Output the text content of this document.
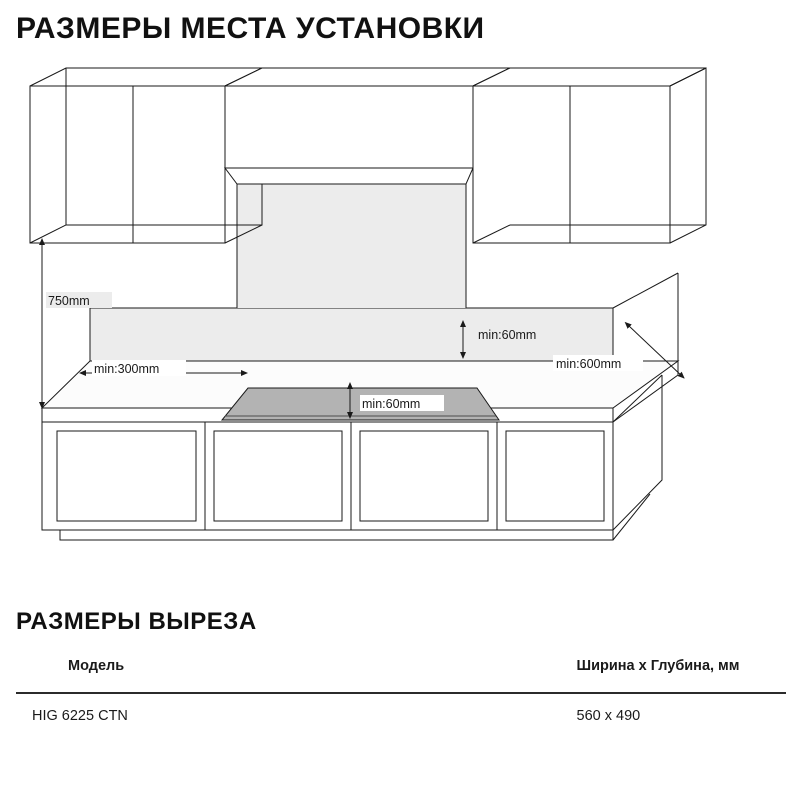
РАЗМЕРЫ МЕСТА УСТАНОВКИ
750mm
min:300mm
min:60mm
min:60mm
min:600mm
РАЗМЕРЫ ВЫРЕЗА
Модель	Ширина х Глубина, мм
HIG 6225 CTN	560 x 490
